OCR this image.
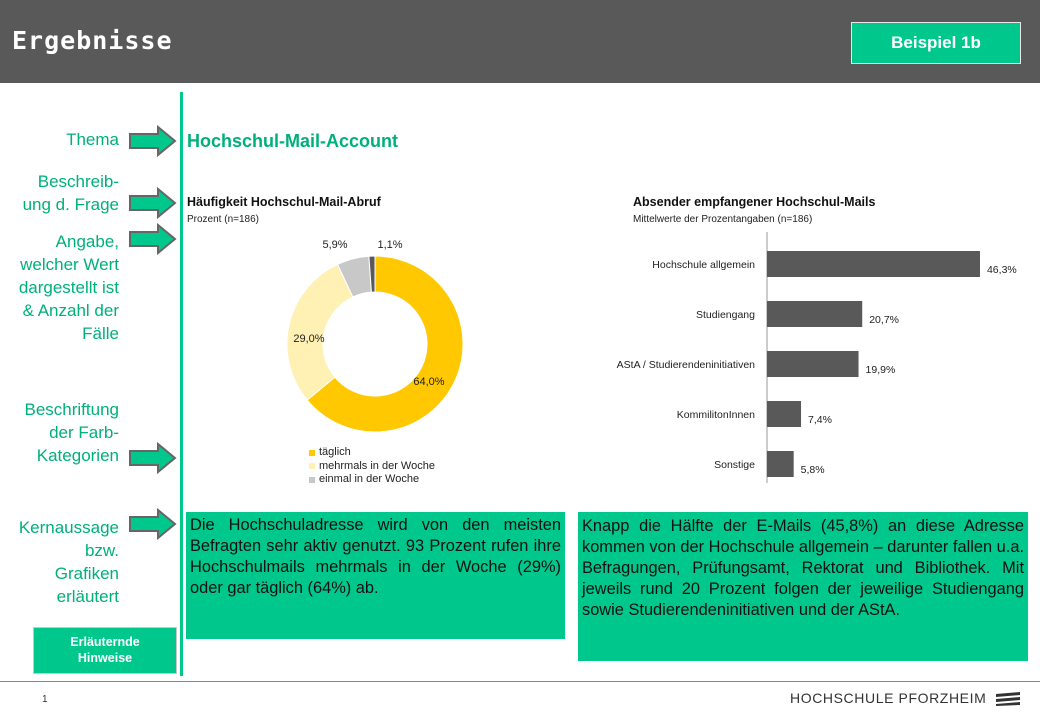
Ergebnisse	Beispiel 1b
Thema
Beschreib-
ung d. Frage
Angabe,
welcher Wert
dargestellt ist
& Anzahl der
Fälle
Beschriftung
der Farb-
Kategorien
Kernaussage
bzw.
Grafiken
erläutert
Hochschul-Mail-Account
Häufigkeit Hochschul-Mail-Abruf
Prozent (n=186)
64,0%
29,0%
5,9%	1,1%
täglich
mehrmals in der Woche
einmal in der Woche
Absender empfangener Hochschul-Mails
Mittelwerte der Prozentangaben (n=186)
Hochschule allgemein	46,3%
Studiengang	20,7%
AStA / Studierendeninitiativen	19,9%
KommilitonInnen	7,4%
Sonstige	5,8%
Die Hochschuladresse wird von den meisten Befragten sehr aktiv genutzt. 93 Prozent rufen ihre Hochschulmails mehrmals in der Woche (29%) oder gar täglich (64%) ab.
Knapp die Hälfte der E-Mails (45,8%) an diese Adresse kommen von der Hochschule allgemein – darunter fallen u.a. Befragungen, Prüfungsamt, Rektorat und Bibliothek. Mit jeweils rund 20 Prozent folgen der jeweilige Studiengang sowie Studierendeninitiativen und der AStA.
Erläuternde
Hinweise
1	HOCHSCHULE PFORZHEIM
